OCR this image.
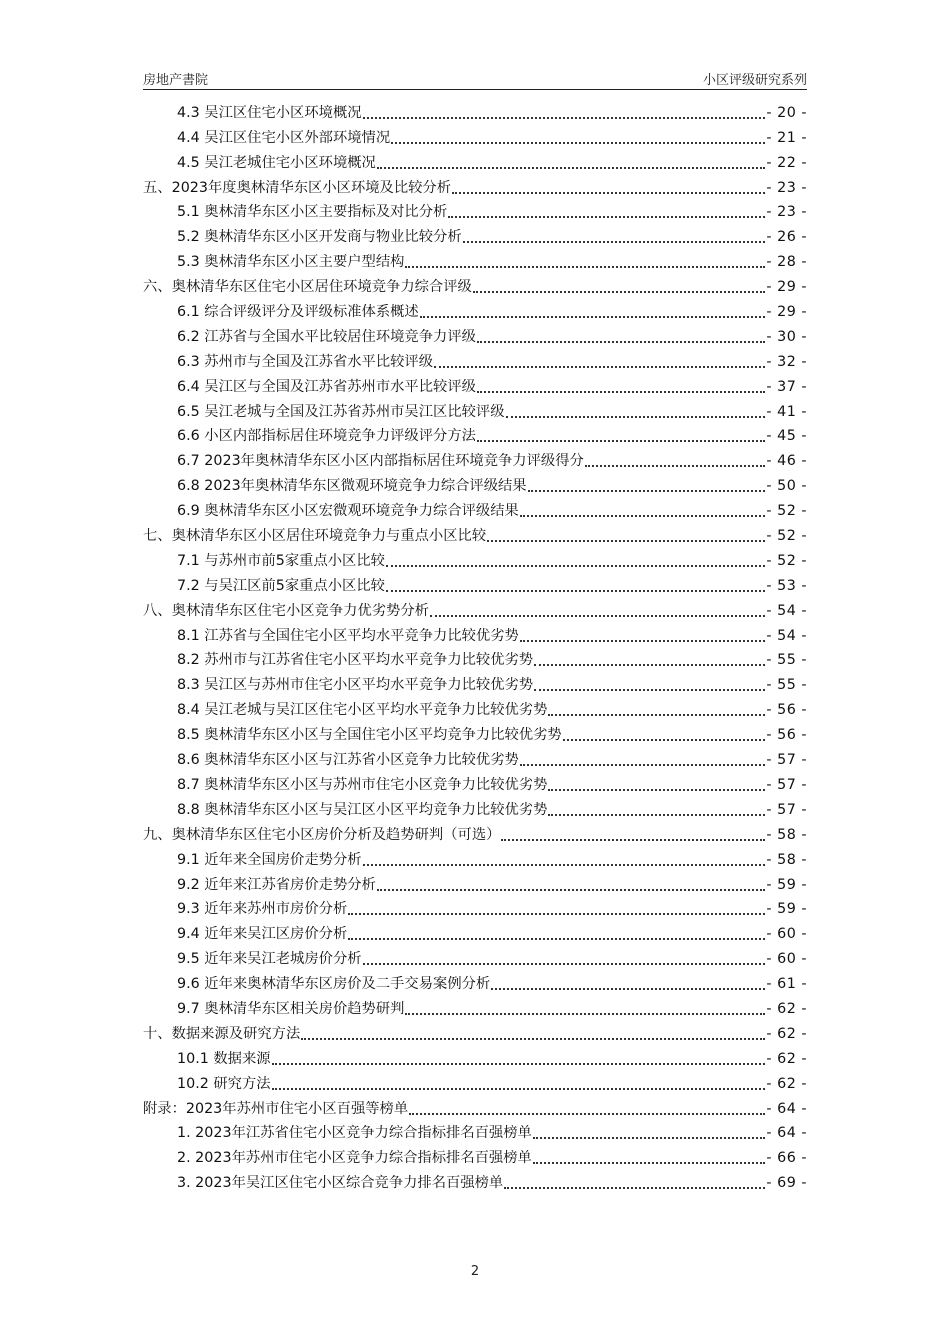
房地产書院	小区评级研究系列
4.3 吴江区住宅小区环境概况	- 20 -
4.4 吴江区住宅小区外部环境情况	- 21 -
4.5 吴江老城住宅小区环境概况	- 22 -
五、2023年度奥林清华东区小区环境及比较分析	- 23 -
5.1 奥林清华东区小区主要指标及对比分析	- 23 -
5.2 奥林清华东区小区开发商与物业比较分析	- 26 -
5.3 奥林清华东区小区主要户型结构	- 28 -
六、奥林清华东区住宅小区居住环境竞争力综合评级	- 29 -
6.1 综合评级评分及评级标准体系概述	- 29 -
6.2 江苏省与全国水平比较居住环境竞争力评级	- 30 -
6.3 苏州市与全国及江苏省水平比较评级	- 32 -
6.4 吴江区与全国及江苏省苏州市水平比较评级	- 37 -
6.5 吴江老城与全国及江苏省苏州市吴江区比较评级	- 41 -
6.6 小区内部指标居住环境竞争力评级评分方法	- 45 -
6.7 2023年奥林清华东区小区内部指标居住环境竞争力评级得分	- 46 -
6.8 2023年奥林清华东区微观环境竞争力综合评级结果	- 50 -
6.9 奥林清华东区小区宏微观环境竞争力综合评级结果	- 52 -
七、奥林清华东区小区居住环境竞争力与重点小区比较	- 52 -
7.1 与苏州市前5家重点小区比较	- 52 -
7.2 与吴江区前5家重点小区比较	- 53 -
八、奥林清华东区住宅小区竞争力优劣势分析	- 54 -
8.1 江苏省与全国住宅小区平均水平竞争力比较优劣势	- 54 -
8.2 苏州市与江苏省住宅小区平均水平竞争力比较优劣势	- 55 -
8.3 吴江区与苏州市住宅小区平均水平竞争力比较优劣势	- 55 -
8.4 吴江老城与吴江区住宅小区平均水平竞争力比较优劣势	- 56 -
8.5 奥林清华东区小区与全国住宅小区平均竞争力比较优劣势	- 56 -
8.6 奥林清华东区小区与江苏省小区竞争力比较优劣势	- 57 -
8.7 奥林清华东区小区与苏州市住宅小区竞争力比较优劣势	- 57 -
8.8 奥林清华东区小区与吴江区小区平均竞争力比较优劣势	- 57 -
九、奥林清华东区住宅小区房价分析及趋势研判（可选）	- 58 -
9.1 近年来全国房价走势分析	- 58 -
9.2 近年来江苏省房价走势分析	- 59 -
9.3 近年来苏州市房价分析	- 59 -
9.4 近年来吴江区房价分析	- 60 -
9.5 近年来吴江老城房价分析	- 60 -
9.6 近年来奥林清华东区房价及二手交易案例分析	- 61 -
9.7 奥林清华东区相关房价趋势研判	- 62 -
十、数据来源及研究方法	- 62 -
10.1 数据来源	- 62 -
10.2 研究方法	- 62 -
附录：2023年苏州市住宅小区百强等榜单	- 64 -
1. 2023年江苏省住宅小区竞争力综合指标排名百强榜单	- 64 -
2. 2023年苏州市住宅小区竞争力综合指标排名百强榜单	- 66 -
3. 2023年吴江区住宅小区综合竞争力排名百强榜单	- 69 -
2
